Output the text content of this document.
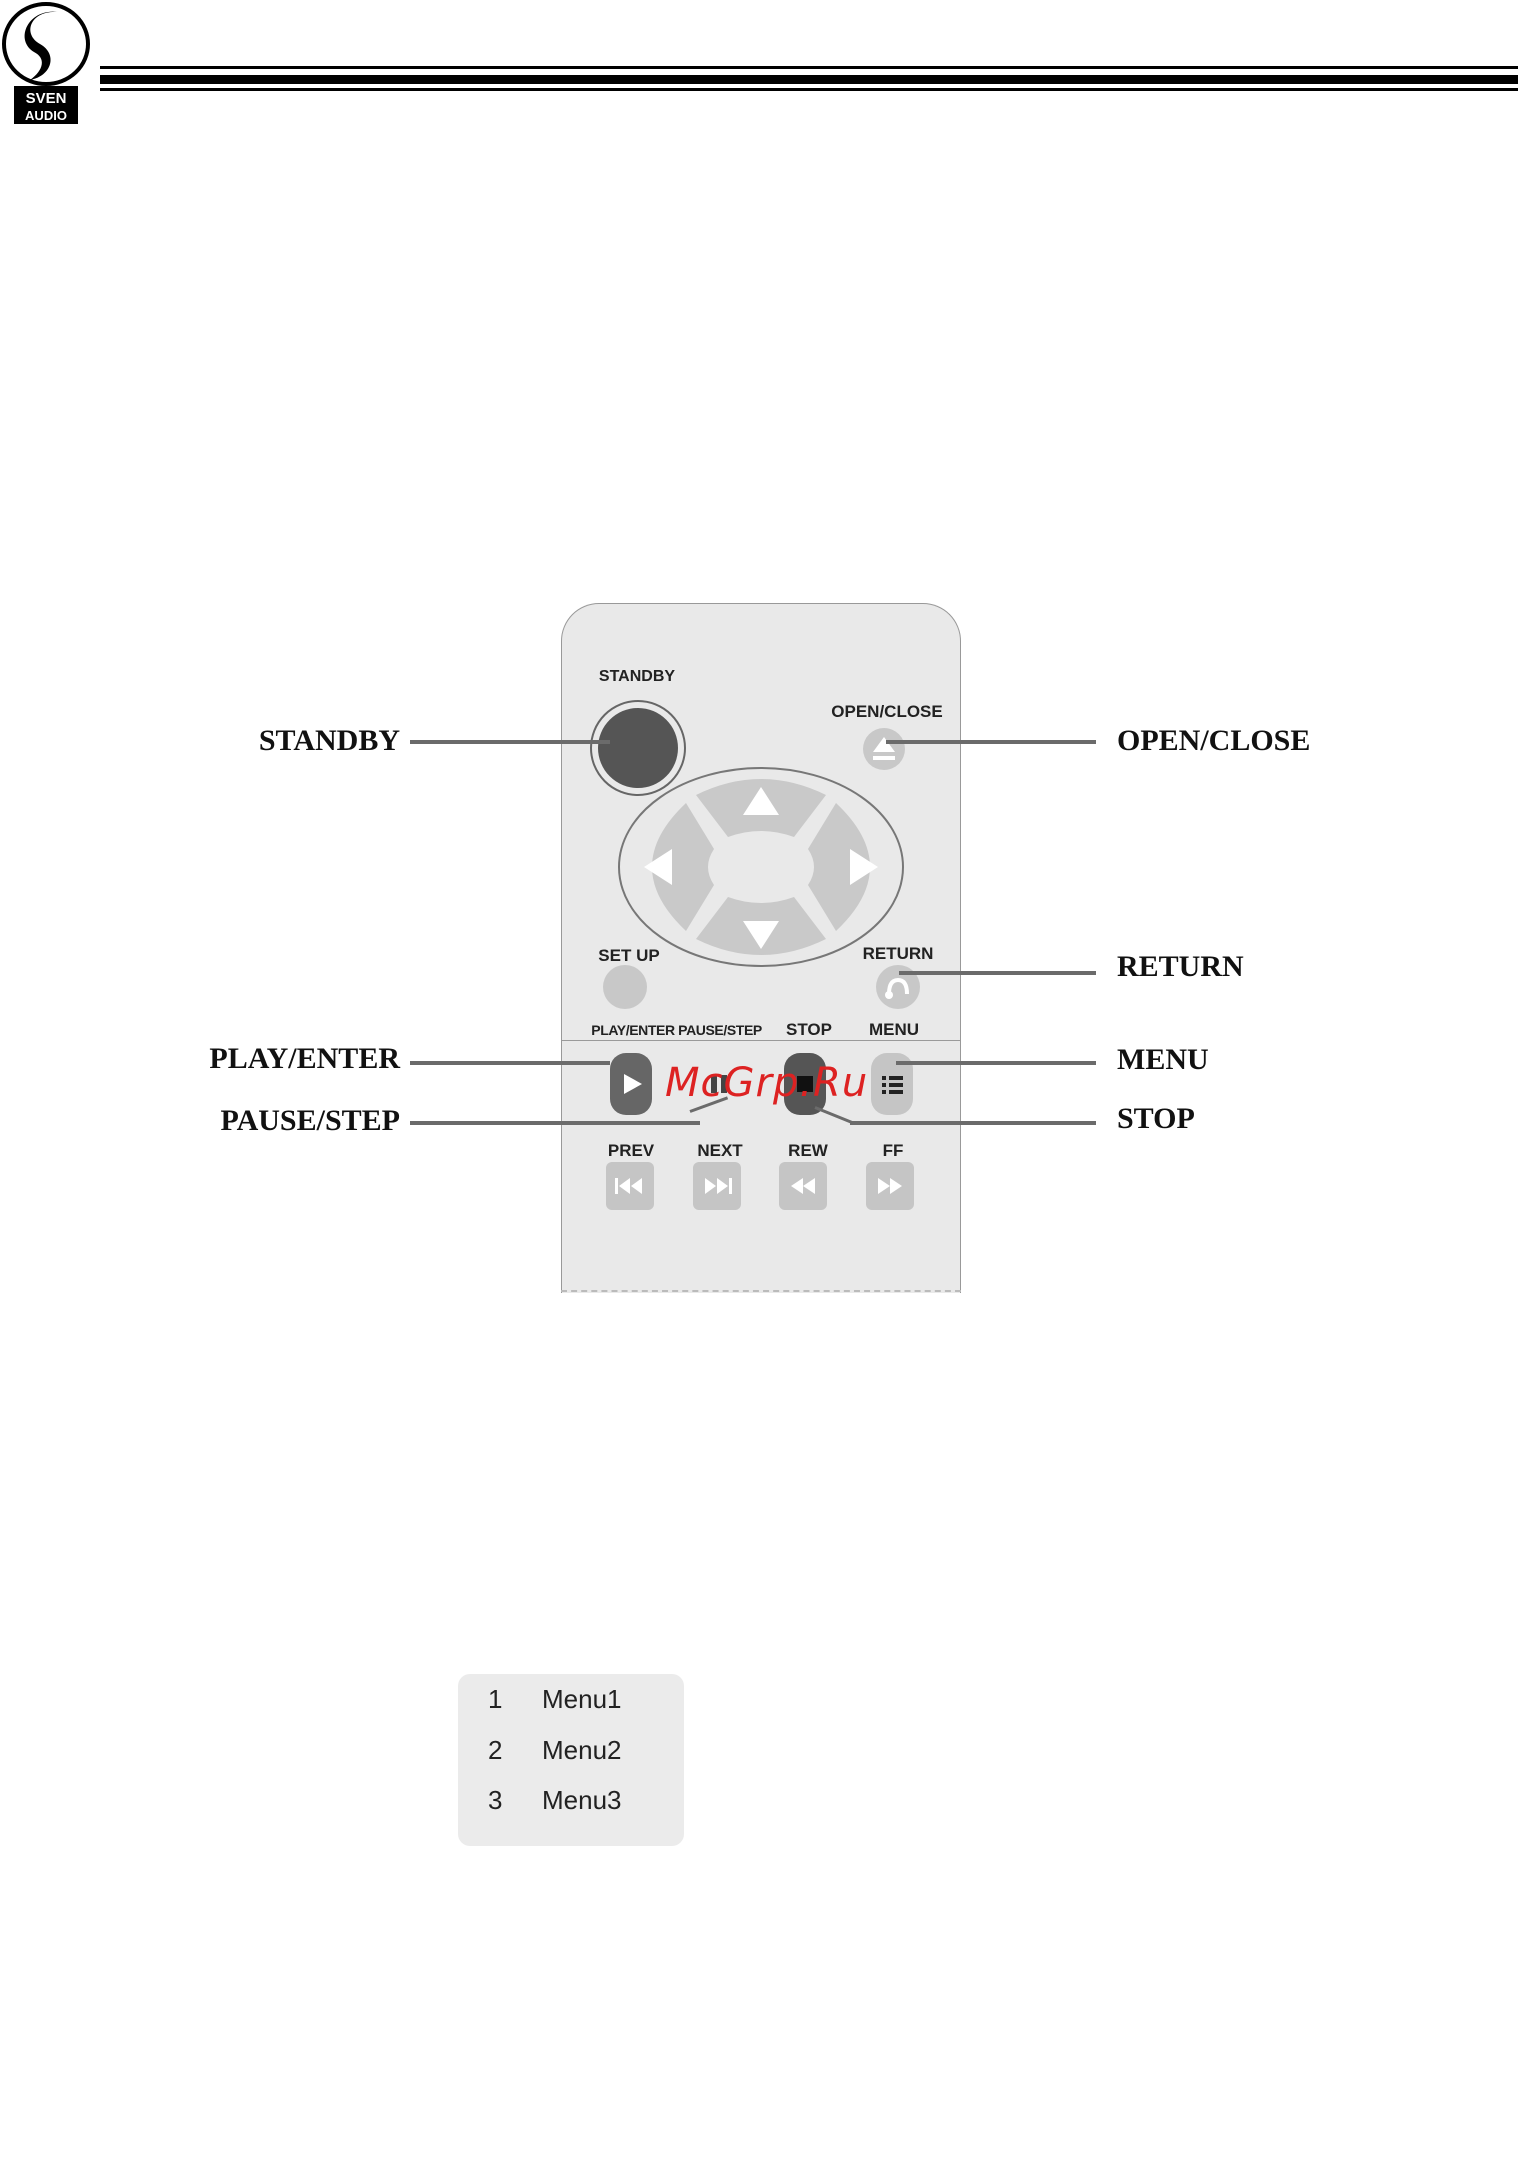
SVEN
AUDIO
STANDBY
OPEN/CLOSE
SET UP	RETURN
PLAY/ENTER PAUSE/STEP STOP MENU
PREV	NEXT	REW	FF
STANDBY	OPEN/CLOSE
RETURN
PLAY/ENTER	MENU
PAUSE/STEP	STOP
McGrp.Ru
1 Menu1
2 Menu2
3 Menu3
